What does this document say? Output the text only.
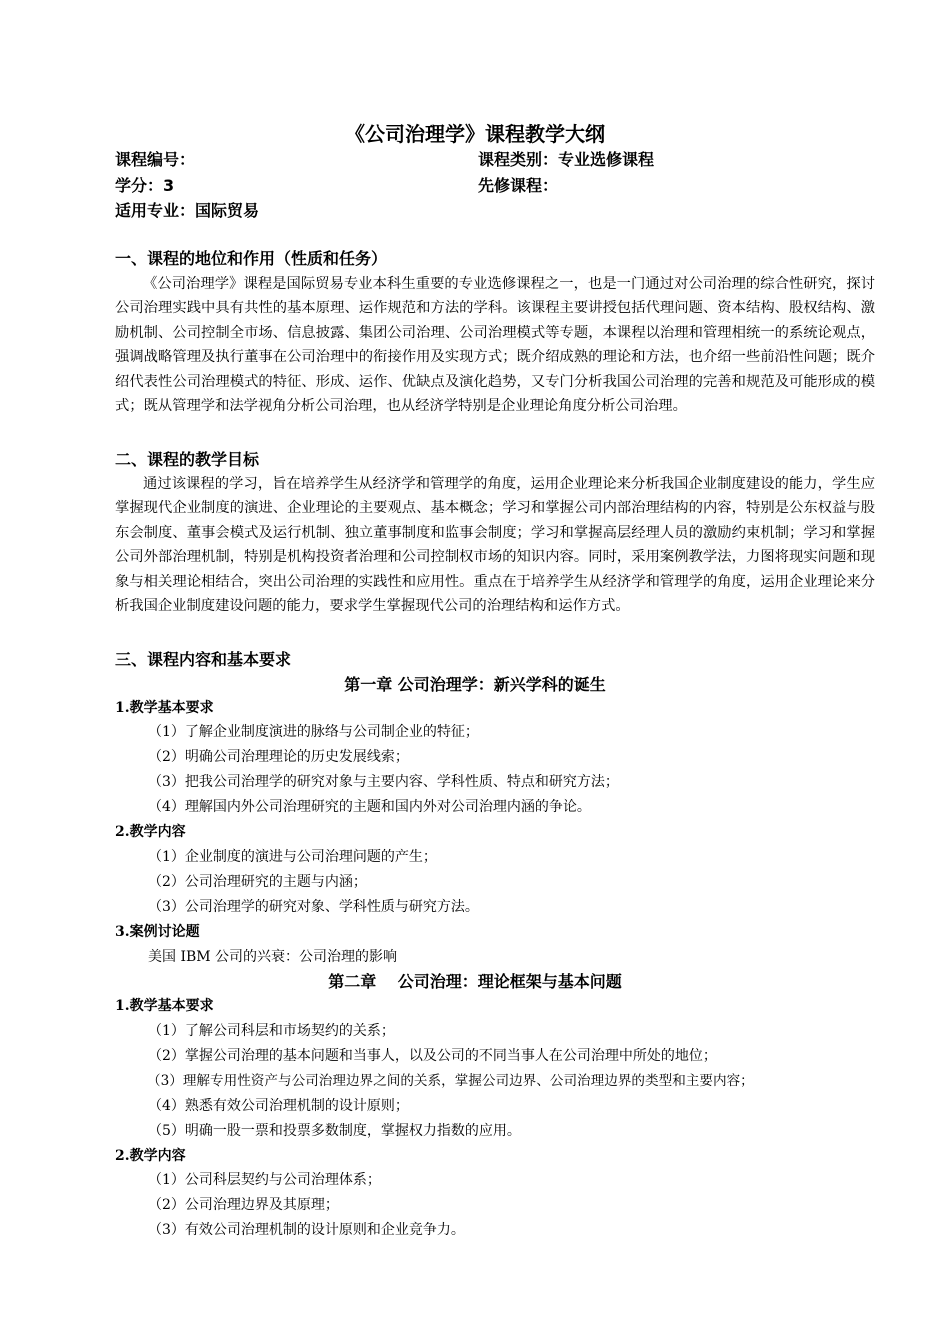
《公司治理学》课程教学大纲
课程编号：	课程类别：专业选修课程
学分：3	先修课程：
适用专业：国际贸易
一、课程的地位和作用（性质和任务）

《公司治理学》课程是国际贸易专业本科生重要的专业选修课程之一，也是一门通过对公司治理的综合性研究，探讨公司治理实践中具有共性的基本原理、运作规范和方法的学科。该课程主要讲授包括代理问题、资本结构、股权结构、激励机制、公司控制全市场、信息披露、集团公司治理、公司治理模式等专题，本课程以治理和管理相统一的系统论观点，强调战略管理及执行董事在公司治理中的衔接作用及实现方式；既介绍成熟的理论和方法，也介绍一些前沿性问题；既介绍代表性公司治理模式的特征、形成、运作、优缺点及演化趋势，又专门分析我国公司治理的完善和规范及可能形成的模式；既从管理学和法学视角分析公司治理，也从经济学特别是企业理论角度分析公司治理。

二、课程的教学目标

通过该课程的学习，旨在培养学生从经济学和管理学的角度，运用企业理论来分析我国企业制度建设的能力，学生应掌握现代企业制度的演进、企业理论的主要观点、基本概念；学习和掌握公司内部治理结构的内容，特别是公东权益与股东会制度、董事会模式及运行机制、独立董事制度和监事会制度；学习和掌握高层经理人员的激励约束机制；学习和掌握公司外部治理机制，特别是机构投资者治理和公司控制权市场的知识内容。同时，采用案例教学法，力图将现实问题和现象与相关理论相结合，突出公司治理的实践性和应用性。重点在于培养学生从经济学和管理学的角度，运用企业理论来分析我国企业制度建设问题的能力，要求学生掌握现代公司的治理结构和运作方式。

三、课程内容和基本要求
第一章 公司治理学：新兴学科的诞生
1.教学基本要求
（1）了解企业制度演进的脉络与公司制企业的特征；
（2）明确公司治理理论的历史发展线索；
（3）把我公司治理学的研究对象与主要内容、学科性质、特点和研究方法；
（4）理解国内外公司治理研究的主题和国内外对公司治理内涵的争论。
2.教学内容
（1）企业制度的演进与公司治理问题的产生；
（2）公司治理研究的主题与内涵；
（3）公司治理学的研究对象、学科性质与研究方法。
3.案例讨论题
美国 IBM 公司的兴衰：公司治理的影响
第二章　 公司治理：理论框架与基本问题
1.教学基本要求
（1）了解公司科层和市场契约的关系；
（2）掌握公司治理的基本问题和当事人，以及公司的不同当事人在公司治理中所处的地位；
（3）理解专用性资产与公司治理边界之间的关系，掌握公司边界、公司治理边界的类型和主要内容；
（4）熟悉有效公司治理机制的设计原则；
（5）明确一股一票和投票多数制度，掌握权力指数的应用。
2.教学内容
（1）公司科层契约与公司治理体系；
（2）公司治理边界及其原理；
（3）有效公司治理机制的设计原则和企业竞争力。
